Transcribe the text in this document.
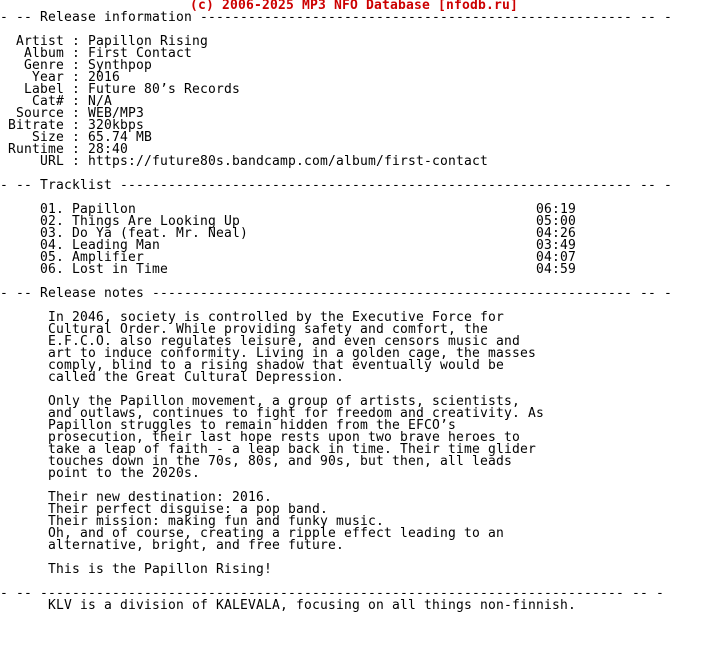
(c) 2006-2025 MP3 NFO Database [nfodb.ru]
- -- Release information ------------------------------------------------------ -- -
Artist : Papillon Rising
Album : First Contact
Genre : Synthpop
Year : 2016
Label : Future 80’s Records
Cat# : N/A
Source : WEB/MP3
Bitrate : 320kbps
Size : 65.74 MB
Runtime : 28:40
URL : https://future80s.bandcamp.com/album/first-contact
- -- Tracklist ---------------------------------------------------------------- -- -
01. Papillon	06:19
02. Things Are Looking Up	05:00
03. Do Ya (feat. Mr. Neal)	04:26
04. Leading Man	03:49
05. Amplifier	04:07
06. Lost in Time	04:59
- -- Release notes ------------------------------------------------------------ -- -
In 2046, society is controlled by the Executive Force for
Cultural Order. While providing safety and comfort, the
E.F.C.O. also regulates leisure, and even censors music and
art to induce conformity. Living in a golden cage, the masses
comply, blind to a rising shadow that eventually would be
called the Great Cultural Depression.
Only the Papillon movement, a group of artists, scientists,
and outlaws, continues to fight for freedom and creativity. As
Papillon struggles to remain hidden from the EFCO’s
prosecution, their last hope rests upon two brave heroes to
take a leap of faith - a leap back in time. Their time glider
touches down in the 70s, 80s, and 90s, but then, all leads
point to the 2020s.
Their new destination: 2016.
Their perfect disguise: a pop band.
Their mission: making fun and funky music.
Oh, and of course, creating a ripple effect leading to an
alternative, bright, and free future.
This is the Papillon Rising!
- -- ------------------------------------------------------------------------- -- -
KLV is a division of KALEVALA, focusing on all things non-finnish.
